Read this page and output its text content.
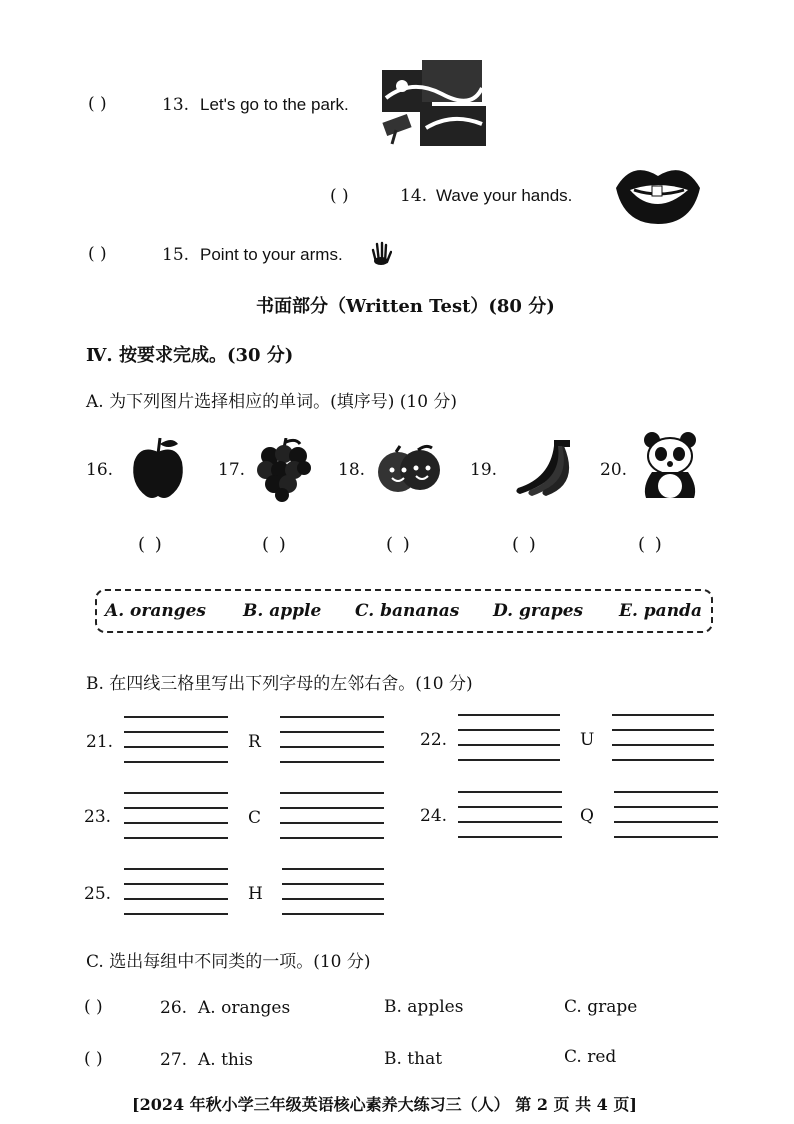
( )	13. Let's go to the park.
( )	14. Wave your hands.
( )	15. Point to your arms.
书面部分（Written Test）(80 分)
Ⅳ. 按要求完成。(30 分)
A. 为下列图片选择相应的单词。(填序号) (10 分)
16.	17.	18.	19.	20.
( )	( )	( )	( )	( )
A. oranges B. apple C. bananas D. grapes E. panda
B. 在四线三格里写出下列字母的左邻右舍。(10 分)
21.	R	22.	U
23.	C	24.	Q
25.	H
C. 选出每组中不同类的一项。(10 分)
( )	26. A. oranges	B. apples	C. grape
( )	27. A. this	B. that	C. red
[2024 年秋小学三年级英语核心素养大练习三（人） 第 2 页 共 4 页]
